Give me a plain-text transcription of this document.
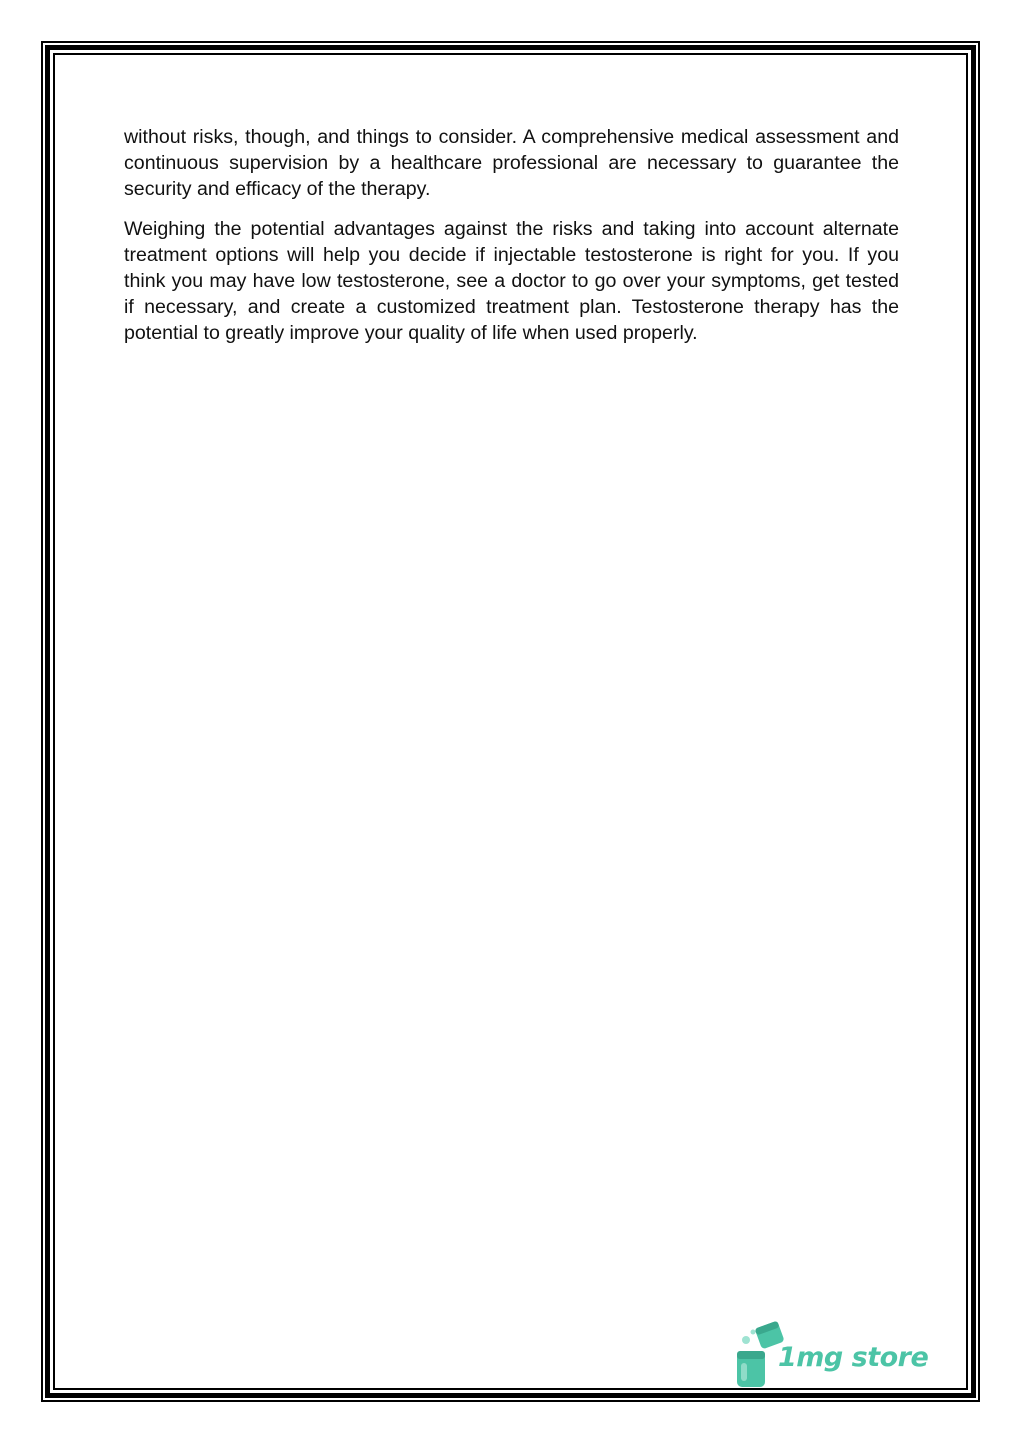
without risks, though, and things to consider. A comprehensive medical assessment and continuous supervision by a healthcare professional are necessary to guarantee the security and efficacy of the therapy.

Weighing the potential advantages against the risks and taking into account alternate treatment options will help you decide if injectable testosterone is right for you. If you think you may have low testosterone, see a doctor to go over your symptoms, get tested if necessary, and create a customized treatment plan. Testosterone therapy has the potential to greatly improve your quality of life when used properly.

1mg store
